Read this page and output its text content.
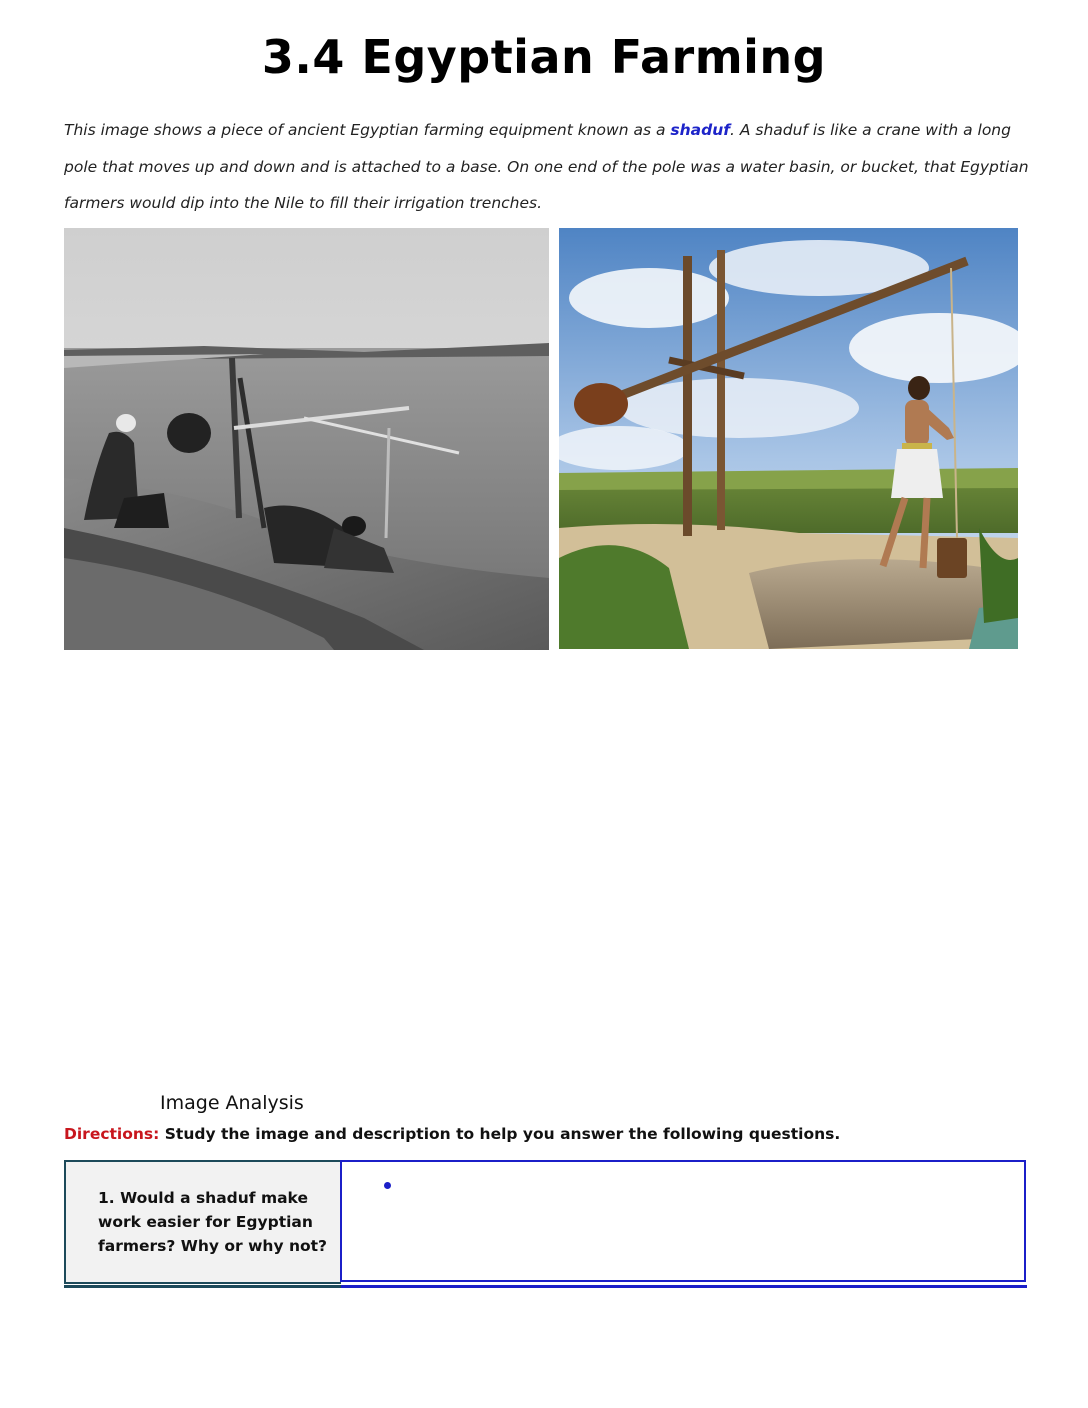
3.4 Egyptian Farming
This image shows a piece of ancient Egyptian farming equipment known as a shaduf. A shaduf is like a crane with a long pole that moves up and down and is attached to a base. On one end of the pole was a water basin, or bucket, that Egyptian farmers would dip into the Nile to fill their irrigation trenches.
Image Analysis
Directions: Study the image and description to help you answer the following questions.
1. Would a shaduf make work easier for Egyptian farmers? Why or why not?
